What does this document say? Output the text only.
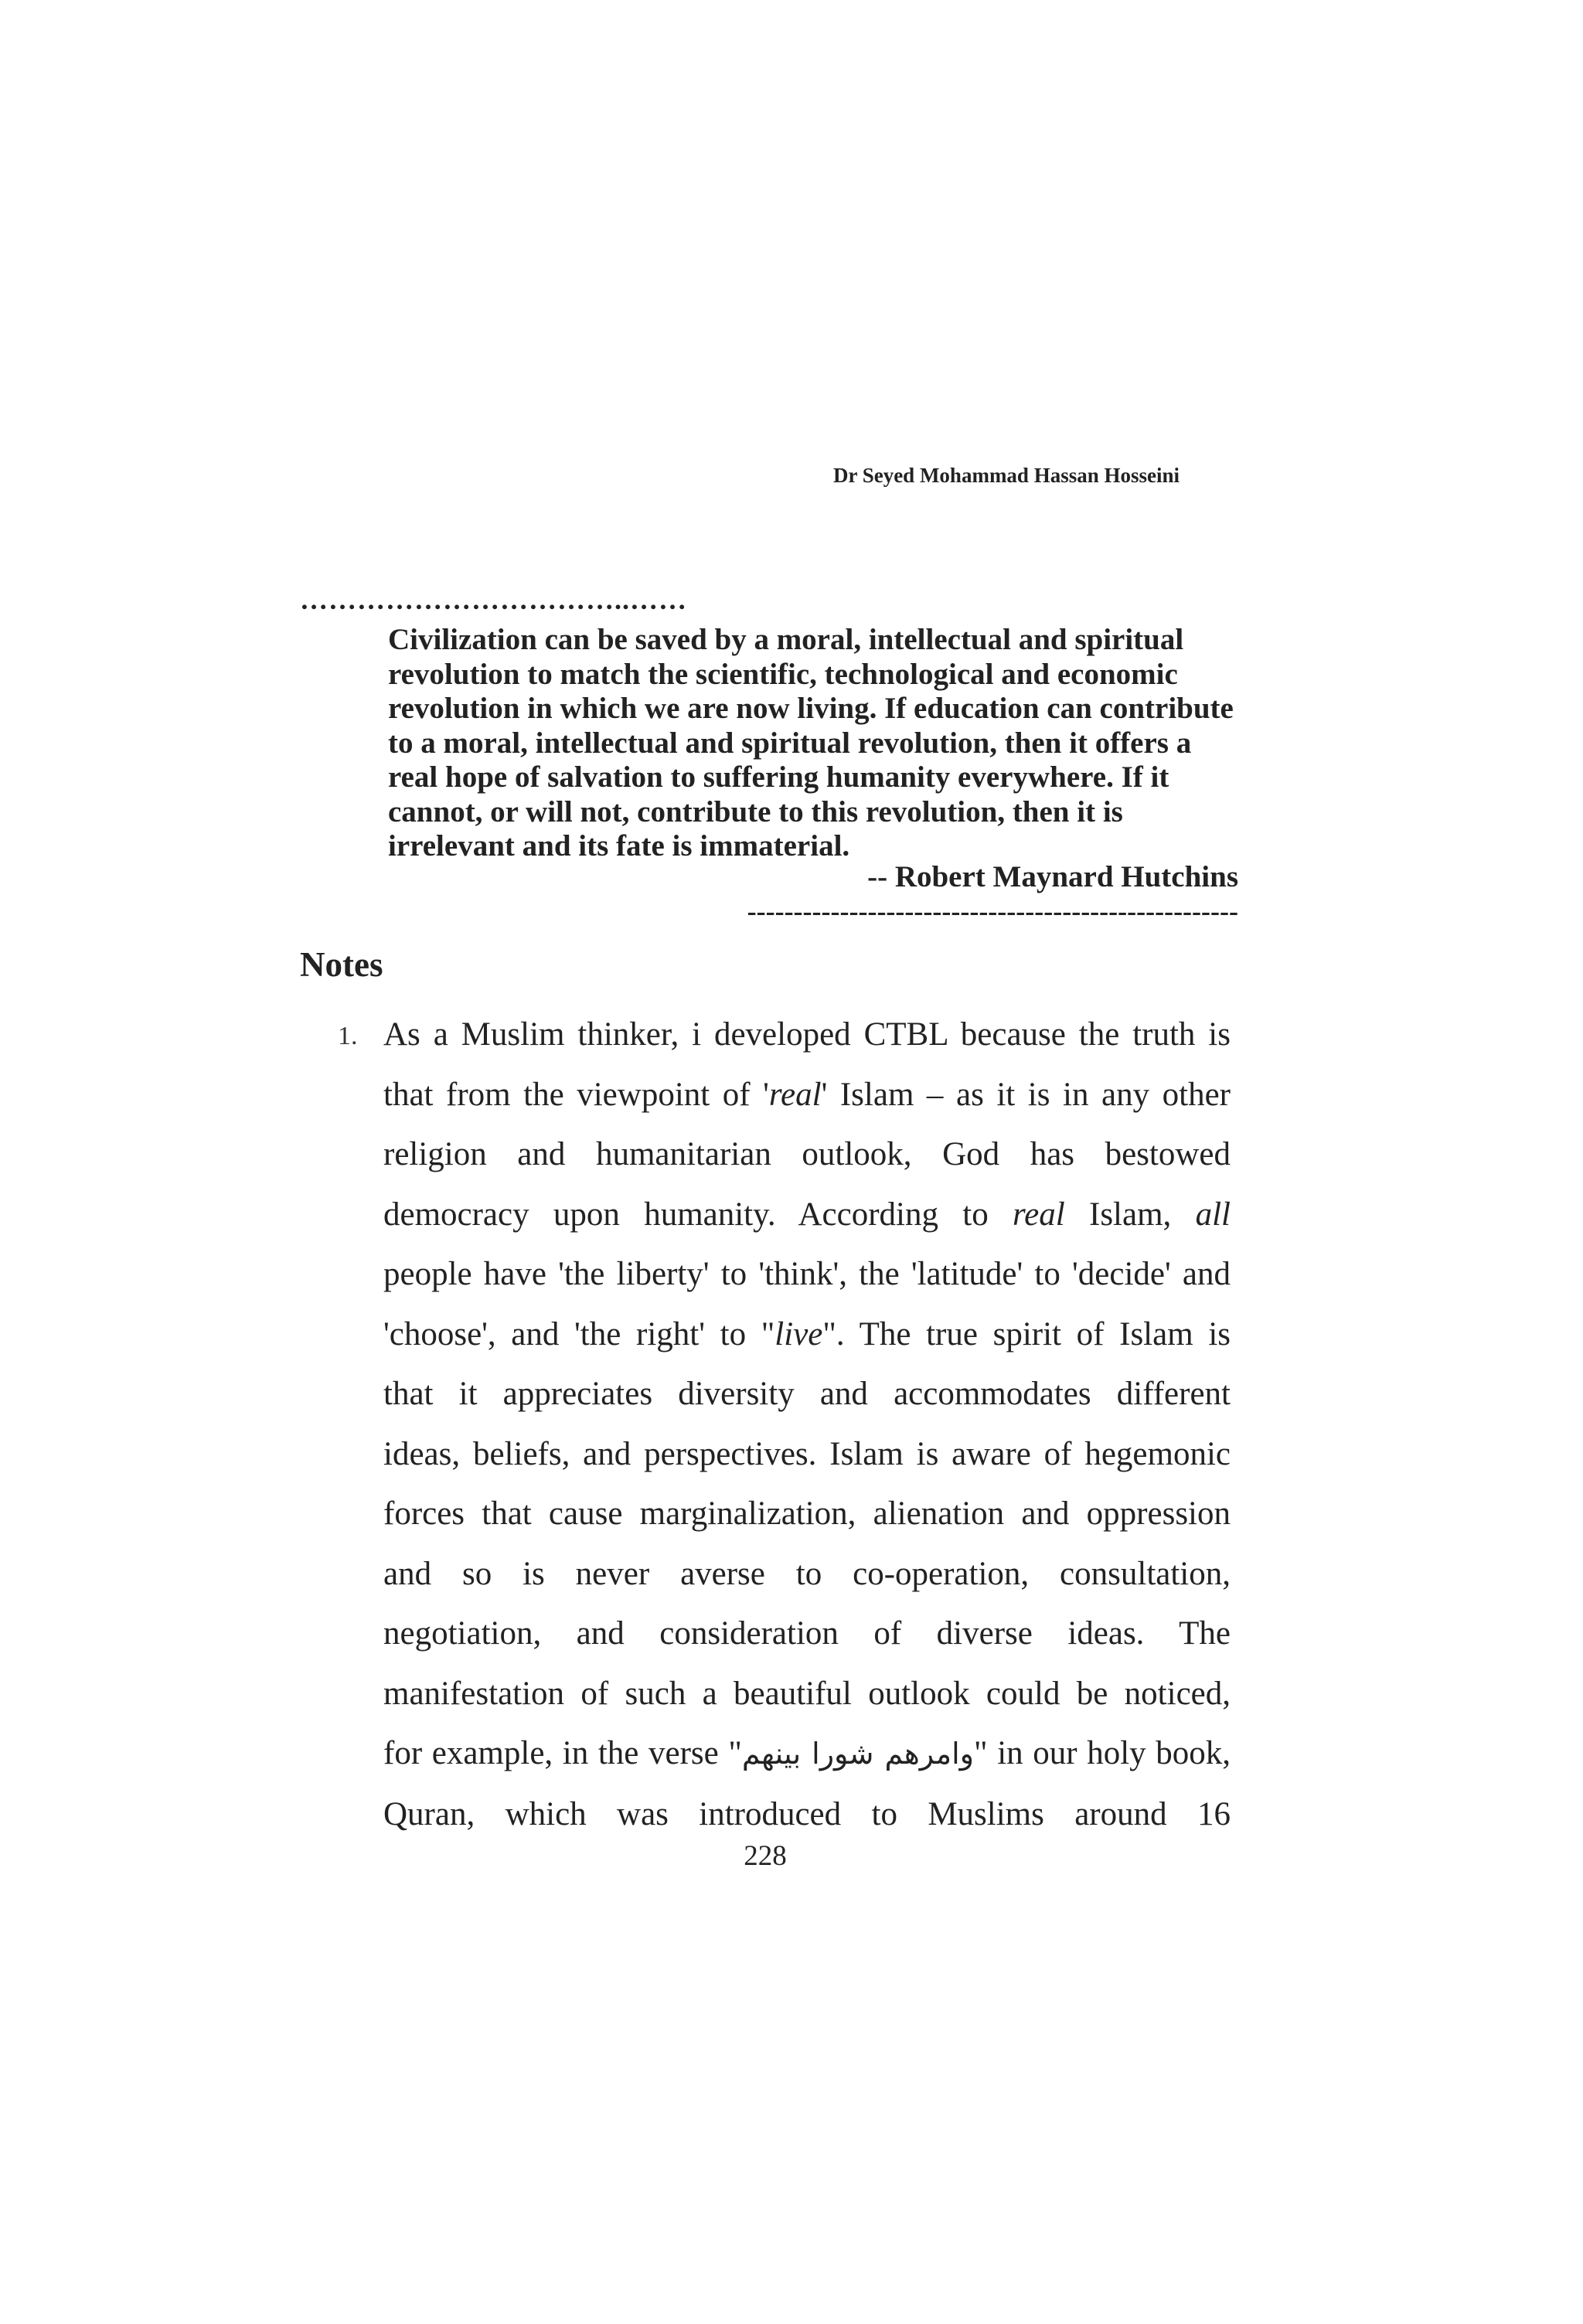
Dr Seyed Mohammad Hassan Hosseini
……………………………..……
Civilization can be saved by a moral, intellectual and spiritual
revolution to match the scientific, technological and economic
revolution in which we are now living. If education can contribute
to a moral, intellectual and spiritual revolution, then it offers a
real hope of salvation to suffering humanity everywhere. If it
cannot, or will not, contribute to this revolution, then it is
irrelevant and its fate is immaterial.
-- Robert Maynard Hutchins
-----------------------------------------------------
Notes
1. As a Muslim thinker, i developed CTBL because the truth is
that from the viewpoint of 'real' Islam – as it is in any other
religion and humanitarian outlook, God has bestowed
democracy upon humanity. According to real Islam, all
people have 'the liberty' to 'think', the 'latitude' to 'decide' and
'choose', and 'the right' to "live". The true spirit of Islam is
that it appreciates diversity and accommodates different
ideas, beliefs, and perspectives. Islam is aware of hegemonic
forces that cause marginalization, alienation and oppression
and so is never averse to co-operation, consultation,
negotiation, and consideration of diverse ideas. The
manifestation of such a beautiful outlook could be noticed,
for example, in the verse "وامرهم شورا بينهم" in our holy book,
Quran, which was introduced to Muslims around 16
228
